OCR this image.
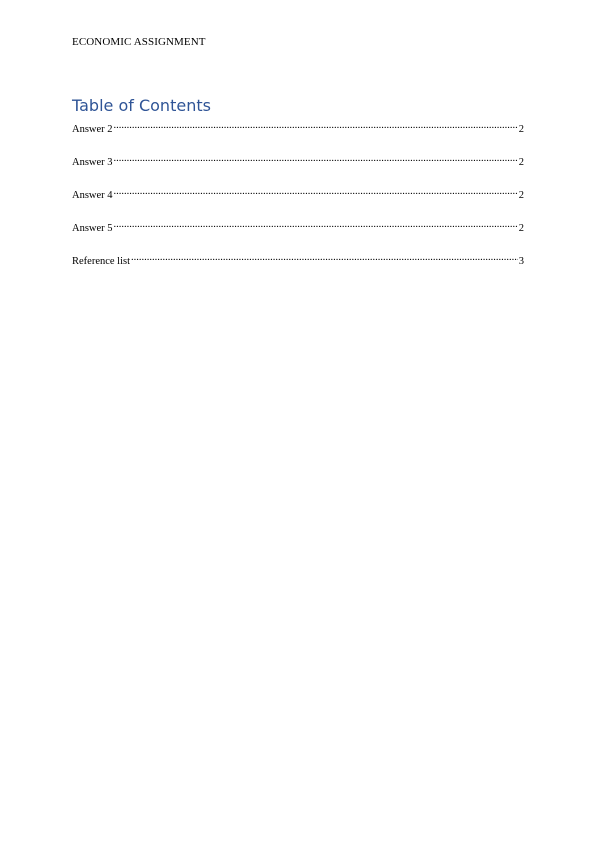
ECONOMIC ASSIGNMENT
Table of Contents
Answer 2 .....	2
Answer 3 .....	2
Answer 4 .....	2
Answer 5 .....	2
Reference list .....	3
